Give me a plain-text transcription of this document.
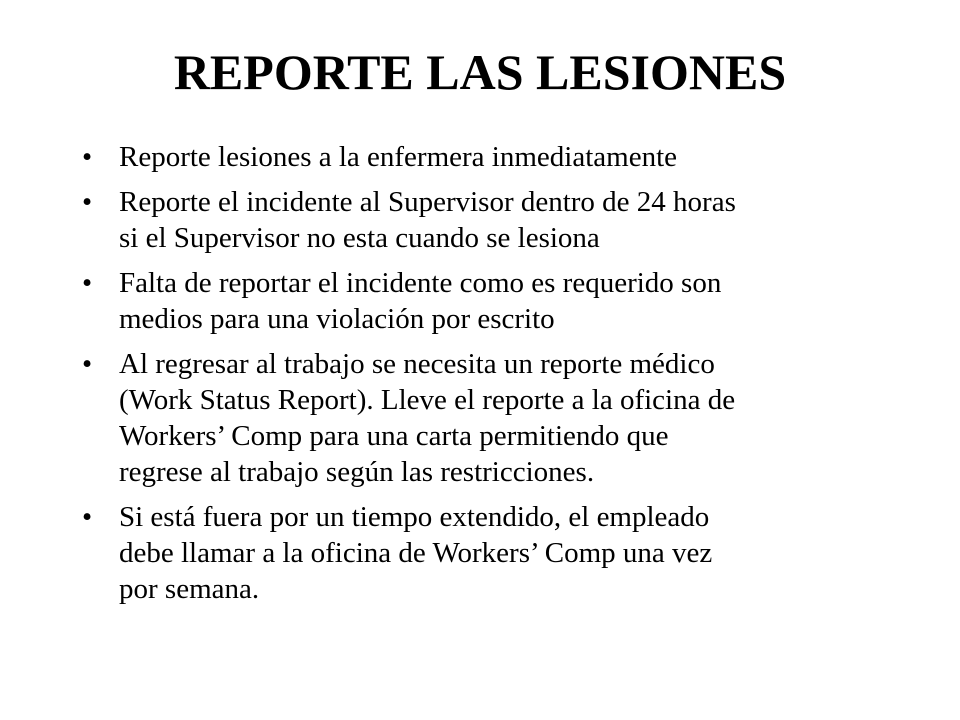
REPORTE LAS LESIONES
• Reporte lesiones a la enfermera inmediatamente
• Reporte el incidente al Supervisor dentro de 24 horas
si el Supervisor no esta cuando se lesiona
• Falta de reportar el incidente como es requerido son
medios para una violación por escrito
• Al regresar al trabajo se necesita un reporte médico
(Work Status Report). Lleve el reporte a la oficina de
Workers’ Comp para una carta permitiendo que
regrese al trabajo según las restricciones.
• Si está fuera por un tiempo extendido, el empleado
debe llamar a la oficina de Workers’ Comp una vez
por semana.
